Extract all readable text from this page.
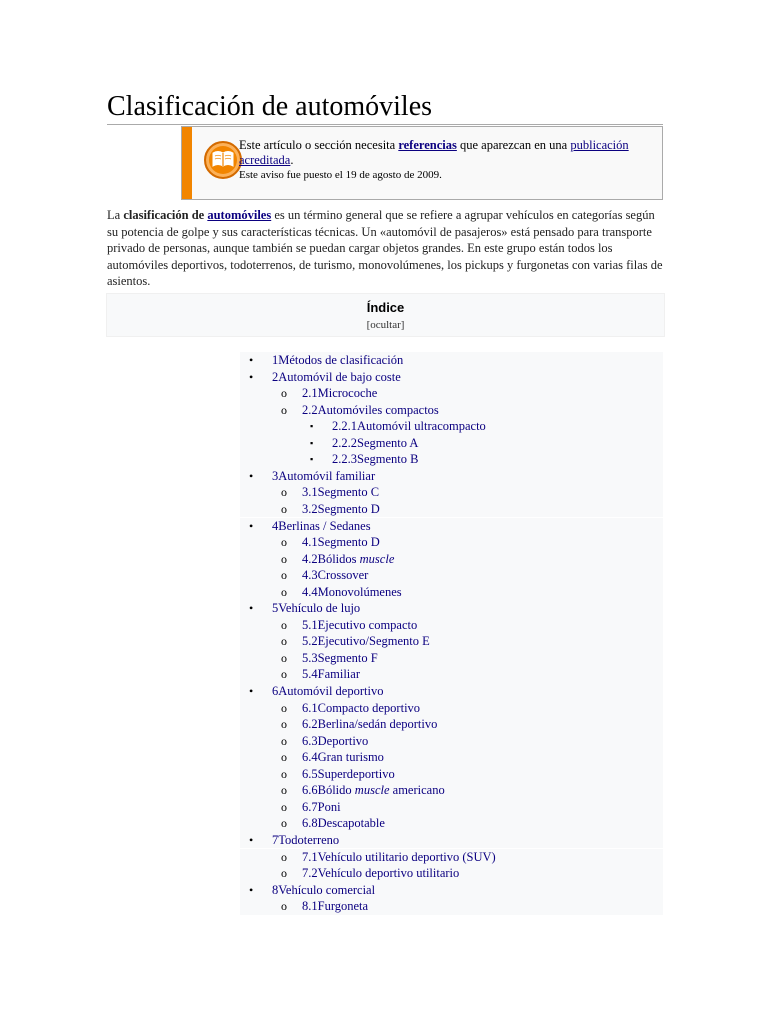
Clasificación de automóviles
Este artículo o sección necesita referencias que aparezcan en una publicación acreditada.
Este aviso fue puesto el 19 de agosto de 2009.
La clasificación de automóviles es un término general que se refiere a agrupar vehículos en categorías según su potencia de golpe y sus características técnicas. Un «automóvil de pasajeros» está pensado para transporte privado de personas, aunque también se puedan cargar objetos grandes. En este grupo están todos los automóviles deportivos, todoterrenos, de turismo, monovolúmenes, los pickups y furgonetas con varias filas de asientos.
Índice
[ocultar]
• 1Métodos de clasificación
• 2Automóvil de bajo coste
o 2.1Microcoche
o 2.2Automóviles compactos
▪ 2.2.1Automóvil ultracompacto
▪ 2.2.2Segmento A
▪ 2.2.3Segmento B
• 3Automóvil familiar
o 3.1Segmento C
o 3.2Segmento D
• 4Berlinas / Sedanes
o 4.1Segmento D
o 4.2Bólidos muscle
o 4.3Crossover
o 4.4Monovolúmenes
• 5Vehículo de lujo
o 5.1Ejecutivo compacto
o 5.2Ejecutivo/Segmento E
o 5.3Segmento F
o 5.4Familiar
• 6Automóvil deportivo
o 6.1Compacto deportivo
o 6.2Berlina/sedán deportivo
o 6.3Deportivo
o 6.4Gran turismo
o 6.5Superdeportivo
o 6.6Bólido muscle americano
o 6.7Poni
o 6.8Descapotable
• 7Todoterreno
o 7.1Vehículo utilitario deportivo (SUV)
o 7.2Vehículo deportivo utilitario
• 8Vehículo comercial
o 8.1Furgoneta
